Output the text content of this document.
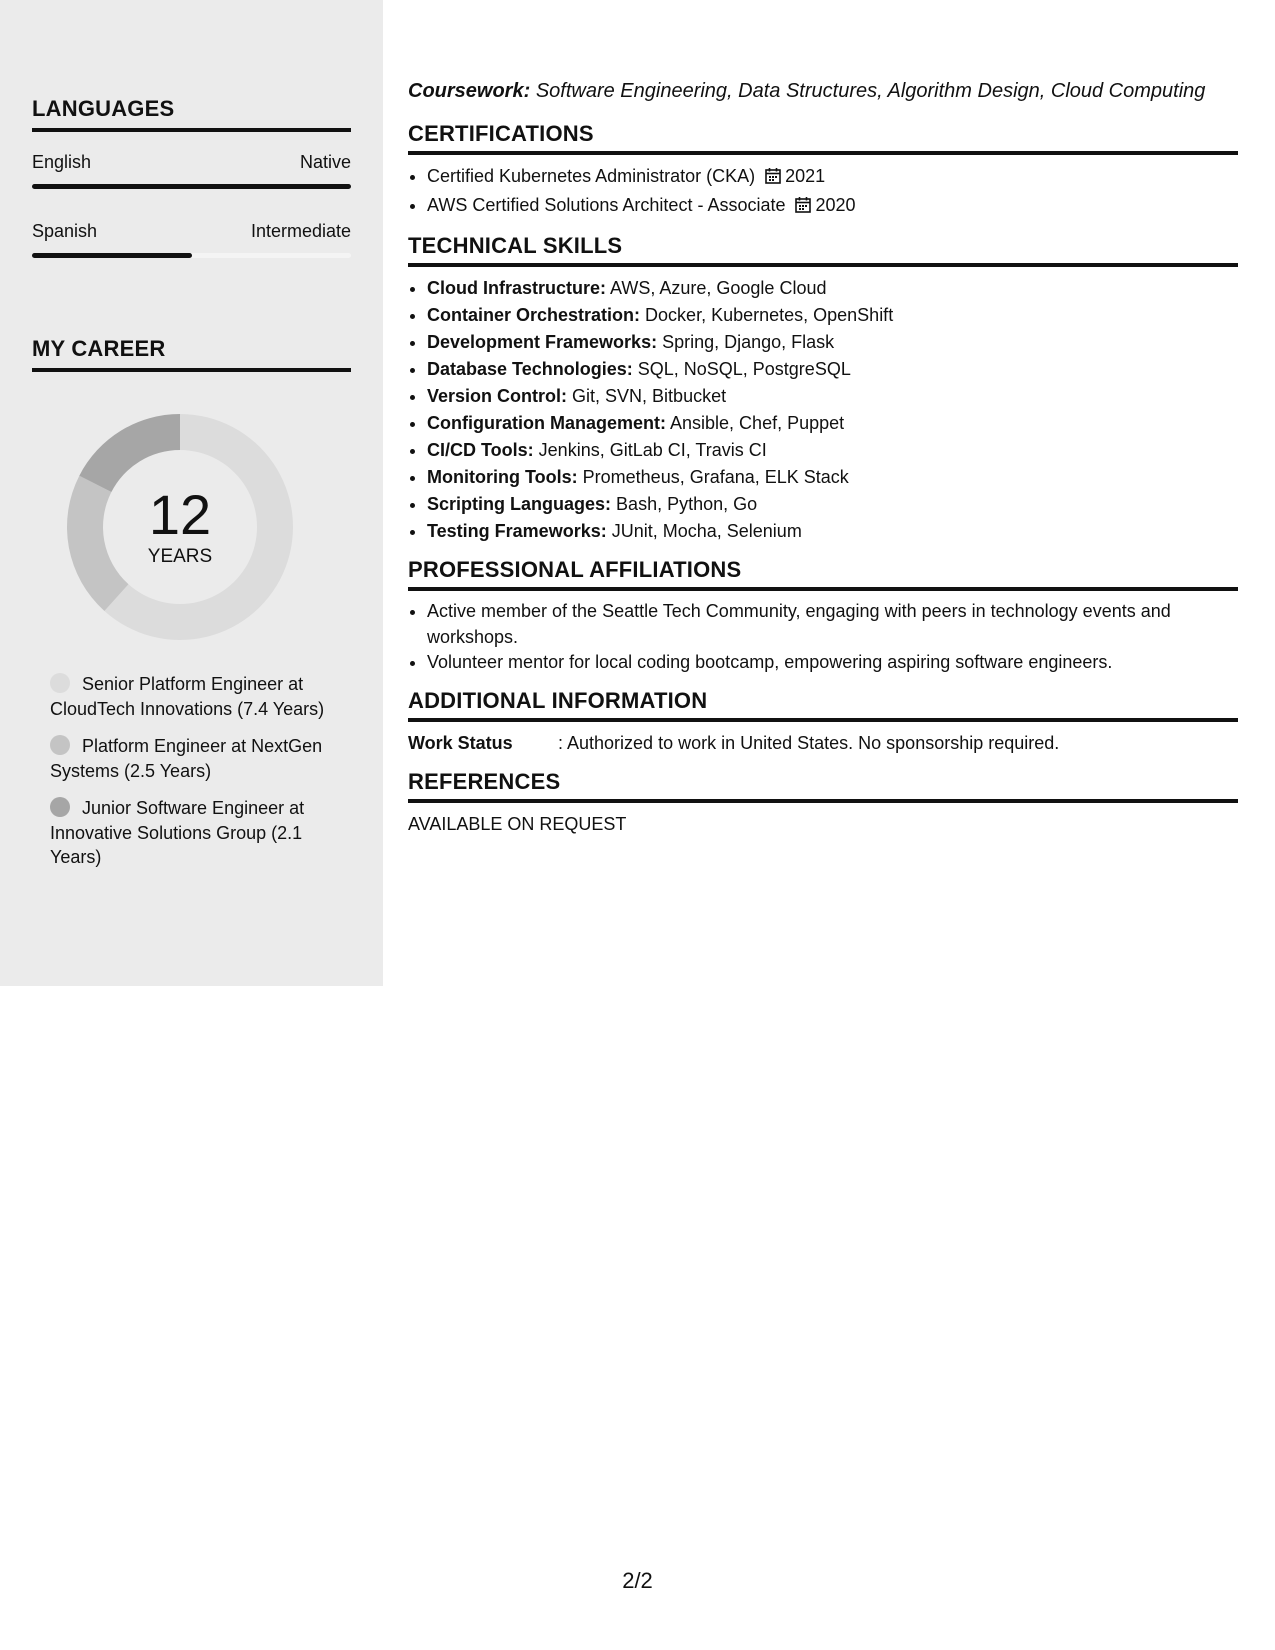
LANGUAGES
English	Native
Spanish	Intermediate
MY CAREER
12
YEARS
Senior Platform Engineer at CloudTech Innovations (7.4 Years)
Platform Engineer at NextGen Systems (2.5 Years)
Junior Software Engineer at Innovative Solutions Group (2.1 Years)
Coursework: Software Engineering, Data Structures, Algorithm Design, Cloud Computing
CERTIFICATIONS
• Certified Kubernetes Administrator (CKA) 2021
• AWS Certified Solutions Architect - Associate 2020
TECHNICAL SKILLS
• Cloud Infrastructure: AWS, Azure, Google Cloud
• Container Orchestration: Docker, Kubernetes, OpenShift
• Development Frameworks: Spring, Django, Flask
• Database Technologies: SQL, NoSQL, PostgreSQL
• Version Control: Git, SVN, Bitbucket
• Configuration Management: Ansible, Chef, Puppet
• CI/CD Tools: Jenkins, GitLab CI, Travis CI
• Monitoring Tools: Prometheus, Grafana, ELK Stack
• Scripting Languages: Bash, Python, Go
• Testing Frameworks: JUnit, Mocha, Selenium
PROFESSIONAL AFFILIATIONS
• Active member of the Seattle Tech Community, engaging with peers in technology events and workshops.
• Volunteer mentor for local coding bootcamp, empowering aspiring software engineers.
ADDITIONAL INFORMATION
Work Status	: Authorized to work in United States. No sponsorship required.
REFERENCES
AVAILABLE ON REQUEST
2/2
